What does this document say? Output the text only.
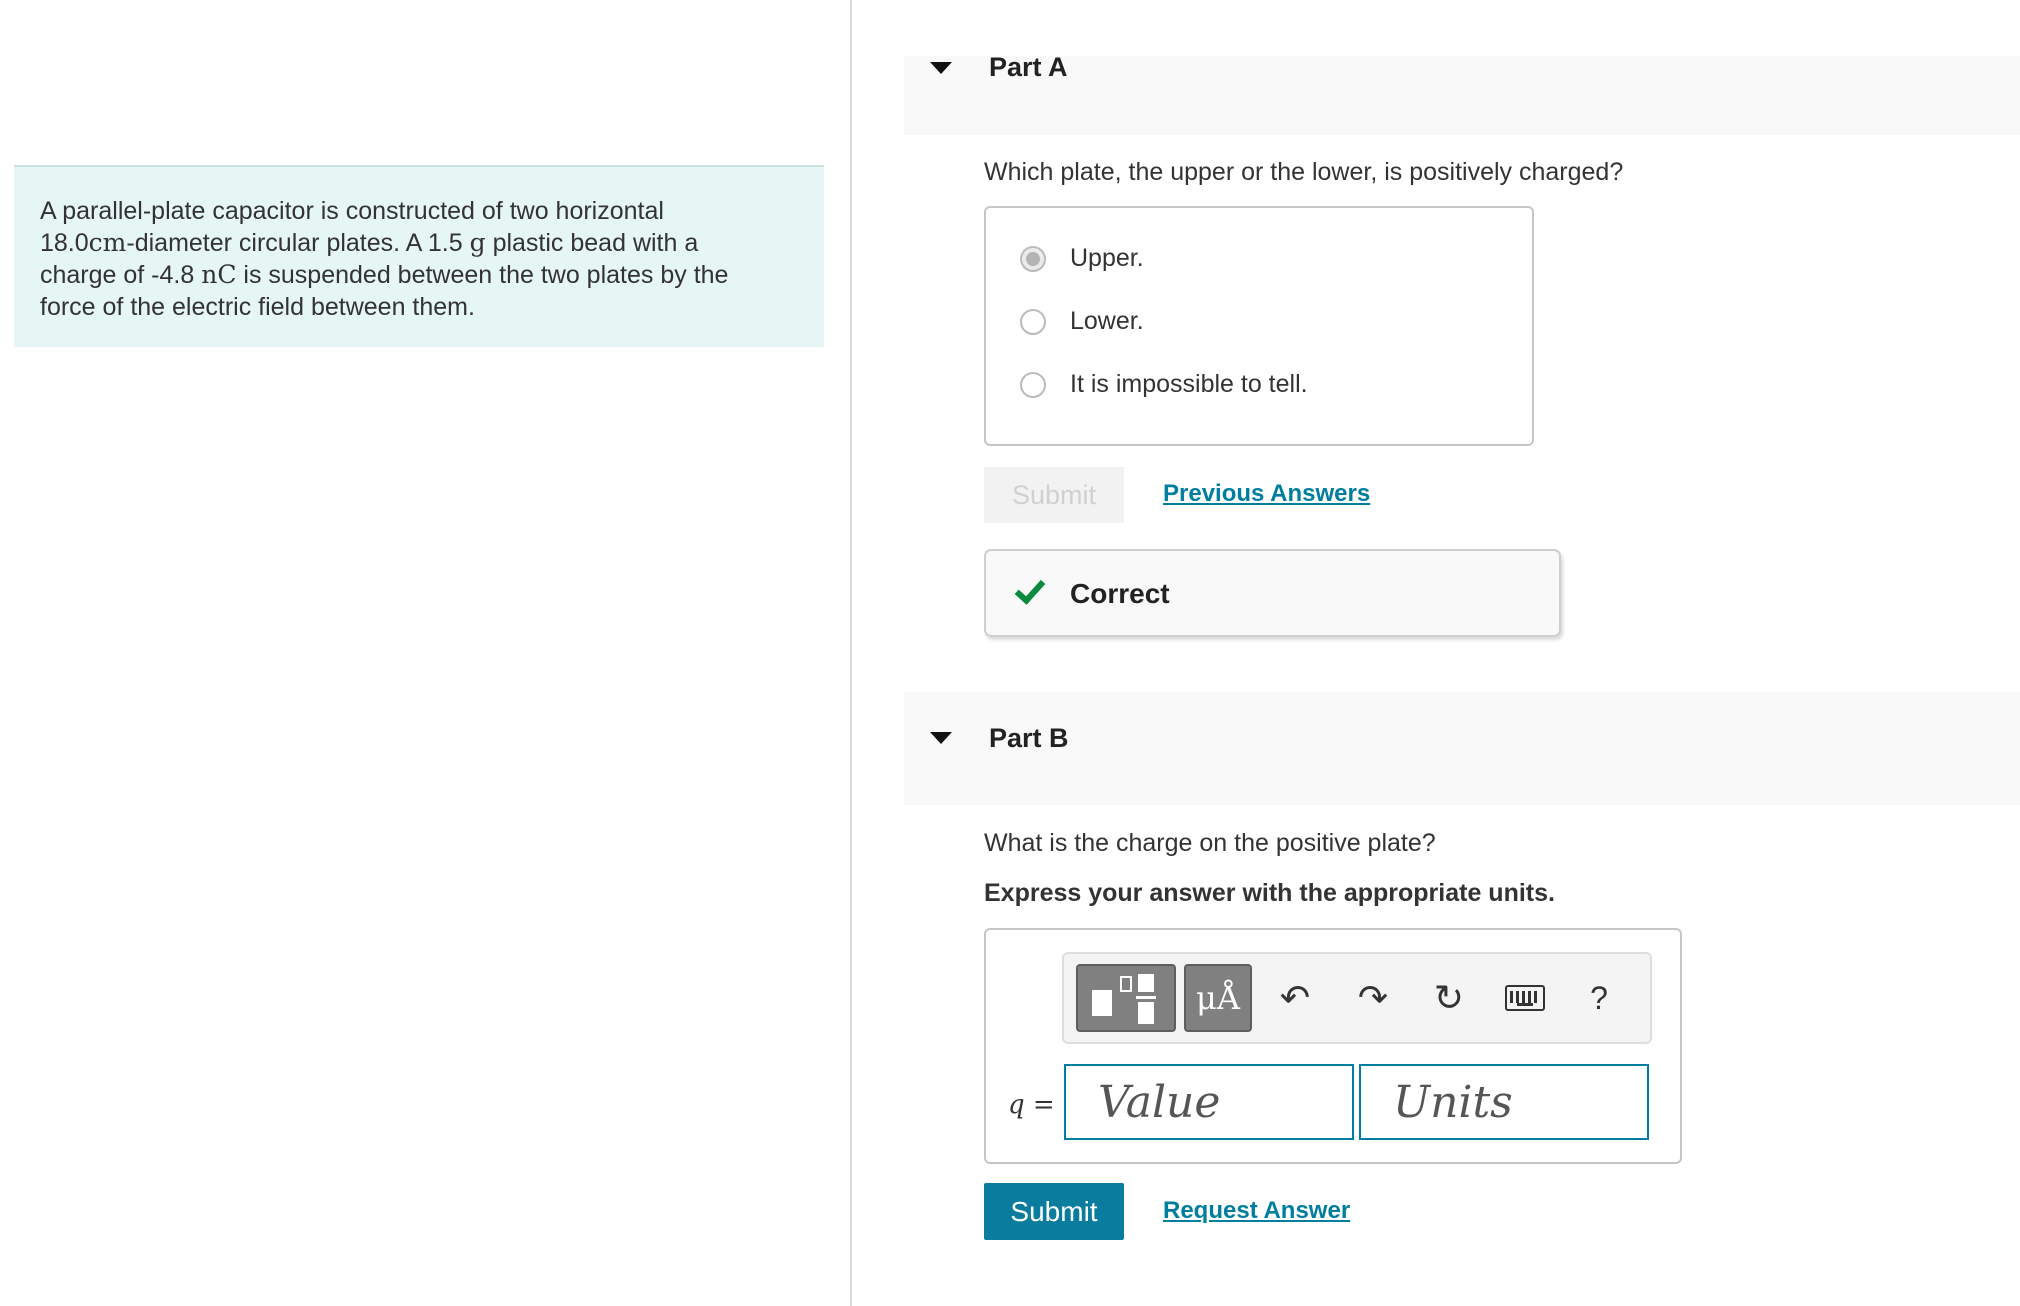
A parallel-plate capacitor is constructed of two horizontal
18.0cm-diameter circular plates. A 1.5 g plastic bead with a
charge of -4.8 nC is suspended between the two plates by the
force of the electric field between them.
Part A
Which plate, the upper or the lower, is positively charged?
Upper.
Lower.
It is impossible to tell.
Submit	Previous Answers
Correct
Part B
What is the charge on the positive plate?
Express your answer with the appropriate units.
μÅ	↶ ↷ ↻	?
q =
Value
Units
Submit	Request Answer
